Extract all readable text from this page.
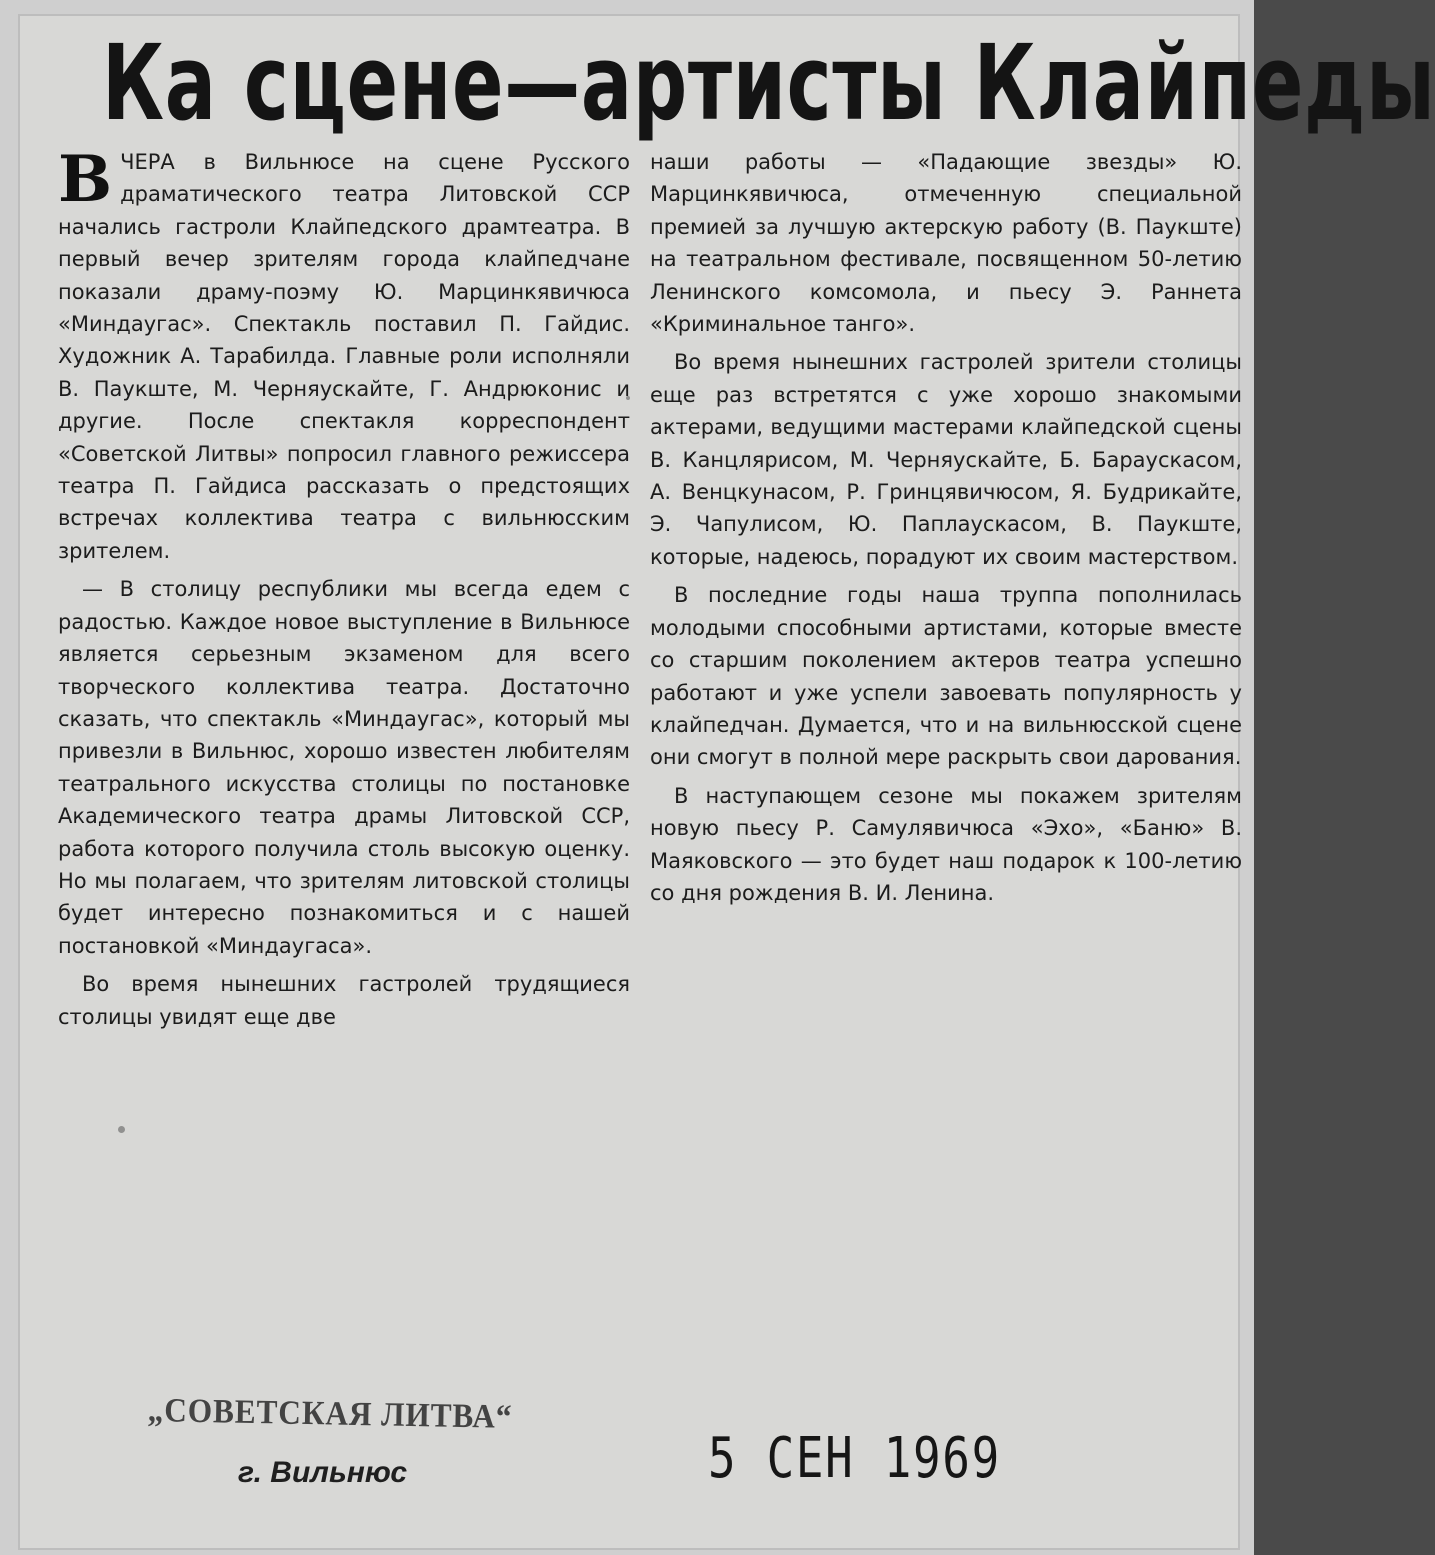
Ка сцене—артисты Клайпеды

ВЧЕРА в Вильнюсе на сцене Русского драматического театра Литовской ССР начались гастроли Клайпедского драмтеатра. В первый вечер зрителям города клайпедчане показали драму-поэму Ю. Марцинкявичюса «Миндаугас». Спектакль поставил П. Гайдис. Художник А. Тарабилда. Главные роли исполняли В. Паукште, М. Черняускайте, Г. Андрюконис и другие. После спектакля корреспондент «Советской Литвы» попросил главного режиссера театра П. Гайдиса рассказать о предстоящих встречах коллектива театра с вильнюсским зрителем.

— В столицу республики мы всегда едем с радостью. Каждое новое выступление в Вильнюсе является серьезным экзаменом для всего творческого коллектива театра. Достаточно сказать, что спектакль «Миндаугас», который мы привезли в Вильнюс, хорошо известен любителям театрального искусства столицы по постановке Академического театра драмы Литовской ССР, работа которого получила столь высокую оценку. Но мы полагаем, что зрителям литовской столицы будет интересно познакомиться и с нашей постановкой «Миндаугаса».

Во время нынешних гастролей трудящиеся столицы увидят еще две

наши работы — «Падающие звезды» Ю. Марцинкявичюса, отмеченную специальной премией за лучшую актерскую работу (В. Паукште) на театральном фестивале, посвященном 50-летию Ленинского комсомола, и пьесу Э. Раннета «Криминальное танго».

Во время нынешних гастролей зрители столицы еще раз встретятся с уже хорошо знакомыми актерами, ведущими мастерами клайпедской сцены В. Канцлярисом, М. Черняускайте, Б. Бараускасом, А. Венцкунасом, Р. Гринцявичюсом, Я. Будрикайте, Э. Чапулисом, Ю. Паплаускасом, В. Паукште, которые, надеюсь, порадуют их своим мастерством.

В последние годы наша труппа пополнилась молодыми способными артистами, которые вместе со старшим поколением актеров театра успешно работают и уже успели завоевать популярность у клайпедчан. Думается, что и на вильнюсской сцене они смогут в полной мере раскрыть свои дарования.

В наступающем сезоне мы покажем зрителям новую пьесу Р. Самулявичюса «Эхо», «Баню» В. Маяковского — это будет наш подарок к 100-летию со дня рождения В. И. Ленина.

„СОВЕТСКАЯ ЛИТВА“
г. Вильнюс	5 СЕН 1969
